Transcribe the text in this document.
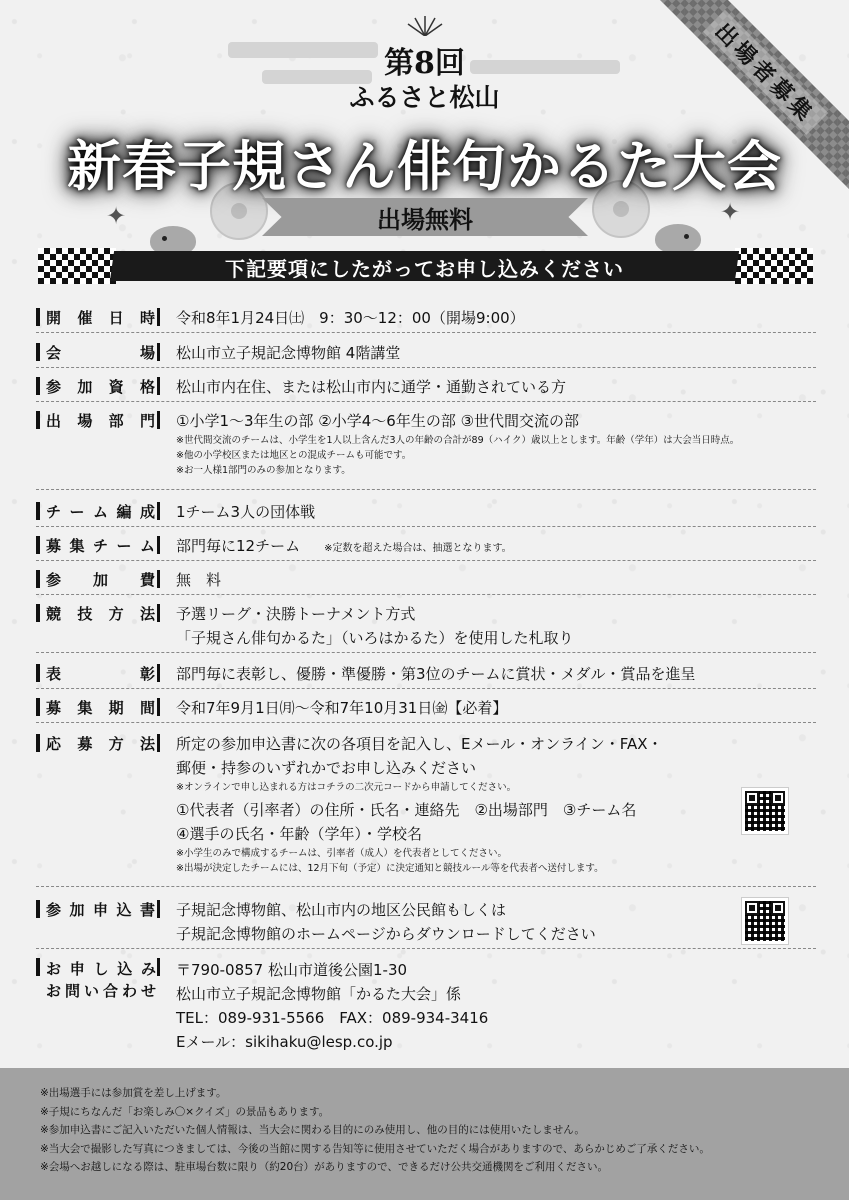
✦	✦
出場者募集
第8回
ふるさと松山
新春子規さん俳句かるた大会
出場無料
下記要項にしたがってお申し込みください
開催日時 令和8年1月24日㈯　9：30～12：00（開場9:00）
会場 松山市立子規記念博物館 4階講堂
参加資格 松山市内在住、または松山市内に通学・通勤されている方
出場部門 ①小学1～3年生の部 ②小学4～6年生の部 ③世代間交流の部
※世代間交流のチームは、小学生を1人以上含んだ3人の年齢の合計が89（ハイク）歳以上とします。年齢（学年）は大会当日時点。
※他の小学校区または地区との混成チームも可能です。
※お一人様1部門のみの参加となります。
チーム編成 1チーム3人の団体戦
募集チーム 部門毎に12チーム ※定数を超えた場合は、抽選となります。
参加費 無　料
競技方法 予選リーグ・決勝トーナメント方式
「子規さん俳句かるた」（いろはかるた）を使用した札取り
表彰 部門毎に表彰し、優勝・準優勝・第3位のチームに賞状・メダル・賞品を進呈
募集期間 令和7年9月1日㈪～令和7年10月31日㈮【必着】
応募方法 所定の参加申込書に次の各項目を記入し、Eメール・オンライン・FAX・
郵便・持参のいずれかでお申し込みください
※オンラインで申し込まれる方はコチラの二次元コードから申請してください。
①代表者（引率者）の住所・氏名・連絡先　②出場部門　③チーム名
④選手の氏名・年齢（学年）・学校名
※小学生のみで構成するチームは、引率者（成人）を代表者としてください。
※出場が決定したチームには、12月下旬（予定）に決定通知と競技ルール等を代表者へ送付します。
参加申込書 子規記念博物館、松山市内の地区公民館もしくは
子規記念博物館のホームページからダウンロードしてください
お申し込み
お問い合わせ
〒790-0857 松山市道後公園1-30
松山市立子規記念博物館「かるた大会」係
TEL：089-931-5566　FAX：089-934-3416
Eメール：sikihaku@lesp.co.jp
※出場選手には参加賞を差し上げます。
※子規にちなんだ「お楽しみ〇×クイズ」の景品もあります。
※参加申込書にご記入いただいた個人情報は、当大会に関わる目的にのみ使用し、他の目的には使用いたしません。
※当大会で撮影した写真につきましては、今後の当館に関する告知等に使用させていただく場合がありますので、あらかじめご了承ください。
※会場へお越しになる際は、駐車場台数に限り（約20台）がありますので、できるだけ公共交通機関をご利用ください。
